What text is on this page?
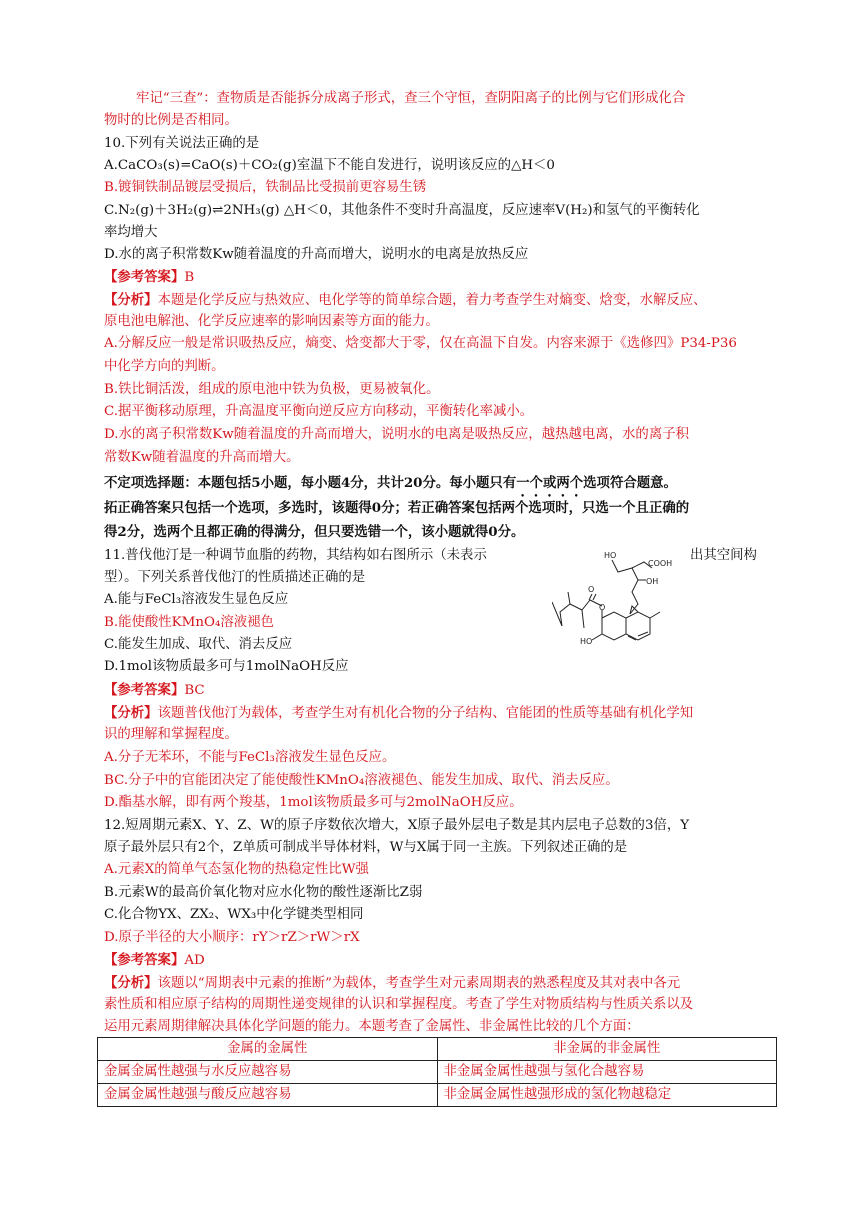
牢记“三查”：查物质是否能拆分成离子形式，查三个守恒，查阴阳离子的比例与它们形成化合
物时的比例是否相同。
10.下列有关说法正确的是
A.CaCO₃(s)=CaO(s)＋CO₂(g)室温下不能自发进行，说明该反应的△H＜0
B.镀铜铁制品镀层受损后，铁制品比受损前更容易生锈
C.N₂(g)＋3H₂(g)⇌2NH₃(g) △H＜0，其他条件不变时升高温度，反应速率V(H₂)和氢气的平衡转化
率均增大
D.水的离子积常数Kw随着温度的升高而增大，说明水的电离是放热反应
【参考答案】B
【分析】本题是化学反应与热效应、电化学等的简单综合题，着力考查学生对熵变、焓变，水解反应、
原电池电解池、化学反应速率的影响因素等方面的能力。
A.分解反应一般是常识吸热反应，熵变、焓变都大于零，仅在高温下自发。内容来源于《选修四》P34-P36
中化学方向的判断。
B.铁比铜活泼，组成的原电池中铁为负极，更易被氧化。
C.据平衡移动原理，升高温度平衡向逆反应方向移动，平衡转化率减小。
D.水的离子积常数Kw随着温度的升高而增大，说明水的电离是吸热反应，越热越电离，水的离子积
常数Kw随着温度的升高而增大。
不定项选择题：本题包括5小题，每小题4分，共计20分。每小题只有一个或两个选项符合题意。
拓正确答案只包括一个选项，多选时，该题得0分；若正确答案包括两个选项时，只选一个且正确的
得2分，选两个且都正确的得满分，但只要选错一个，该小题就得0分。
11.普伐他汀是一种调节血脂的药物，其结构如右图所示（未表示	出其空间构
型）。下列关系普伐他汀的性质描述正确的是
A.能与FeCl₃溶液发生显色反应
B.能使酸性KMnO₄溶液褪色
C.能发生加成、取代、消去反应
D.1mol该物质最多可与1molNaOH反应
HO
COOH
OH
O
O
HO
【参考答案】BC
【分析】该题普伐他汀为载体，考查学生对有机化合物的分子结构、官能团的性质等基础有机化学知
识的理解和掌握程度。
A.分子无苯环，不能与FeCl₃溶液发生显色反应。
BC.分子中的官能团决定了能使酸性KMnO₄溶液褪色、能发生加成、取代、消去反应。
D.酯基水解，即有两个羧基，1mol该物质最多可与2molNaOH反应。
12.短周期元素X、Y、Z、W的原子序数依次增大，X原子最外层电子数是其内层电子总数的3倍，Y
原子最外层只有2个，Z单质可制成半导体材料，W与X属于同一主族。下列叙述正确的是
A.元素X的简单气态氢化物的热稳定性比W强
B.元素W的最高价氧化物对应水化物的酸性逐渐比Z弱
C.化合物YX、ZX₂、WX₃中化学键类型相同
D.原子半径的大小顺序：rY＞rZ＞rW＞rX
【参考答案】AD
【分析】该题以“周期表中元素的推断”为载体，考查学生对元素周期表的熟悉程度及其对表中各元
素性质和相应原子结构的周期性递变规律的认识和掌握程度。考查了学生对物质结构与性质关系以及
运用元素周期律解决具体化学问题的能力。本题考查了金属性、非金属性比较的几个方面：
金属的金属性	非金属的非金属性
金属金属性越强与水反应越容易	非金属金属性越强与氢化合越容易
金属金属性越强与酸反应越容易	非金属金属性越强形成的氢化物越稳定
